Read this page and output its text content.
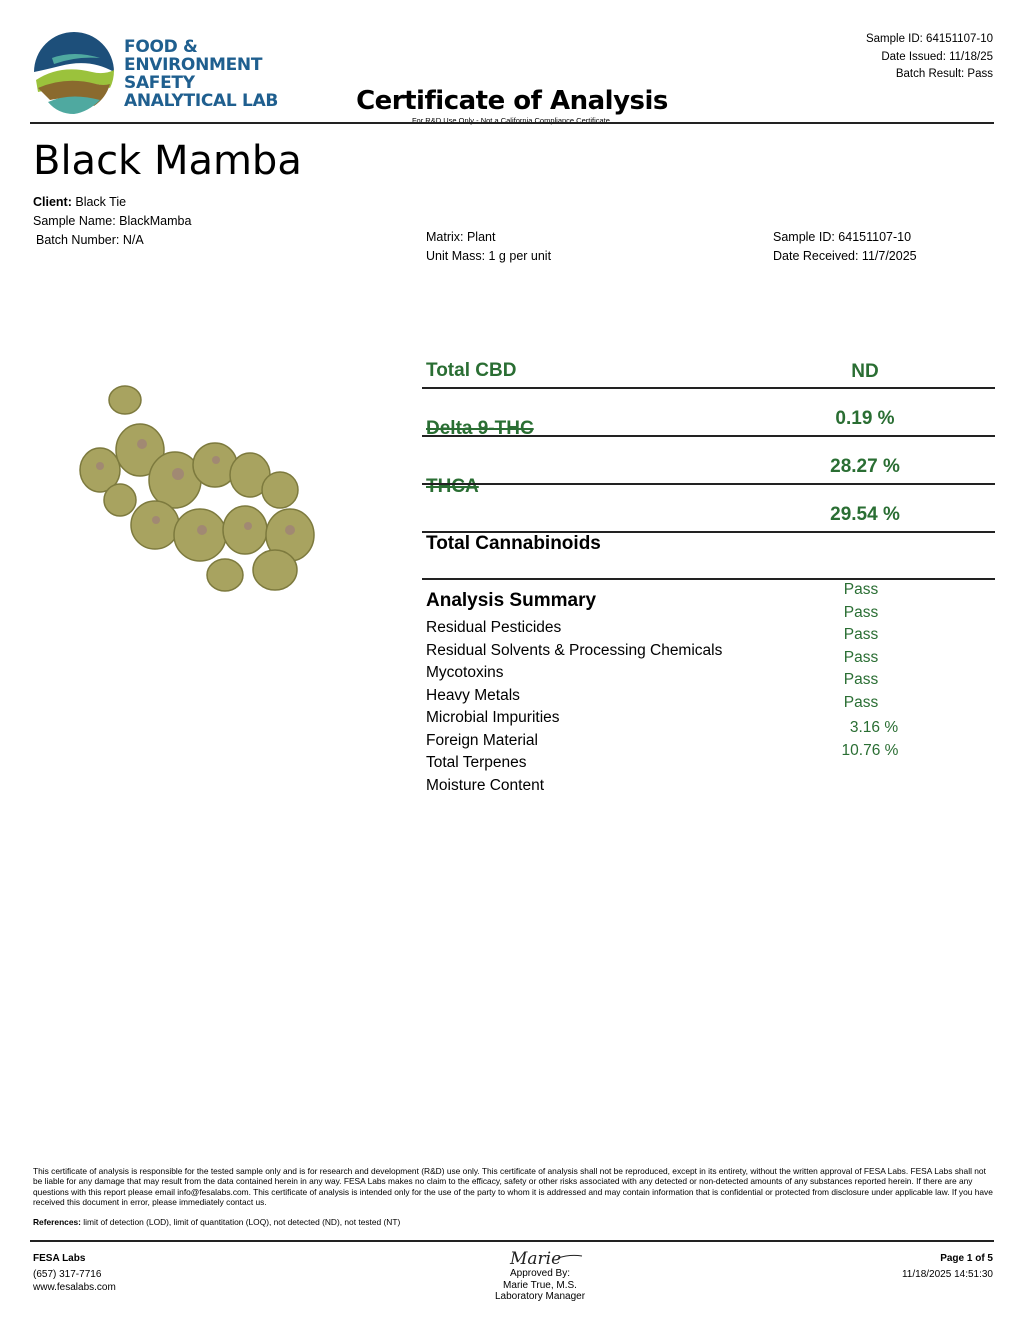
FOOD &
ENVIRONMENT
SAFETY
ANALYTICAL LAB
Sample ID: 64151107-10
Date Issued: 11/18/25
Batch Result: Pass
Certificate of Analysis
For R&D Use Only - Not a California Compliance Certificate.
Black Mamba
Client: Black Tie
Sample Name: BlackMamba
Batch Number: N/A	Matrix: Plant
Unit Mass: 1 g per unit
Sample ID: 64151107-10
Date Received: 11/7/2025
Total CBD	ND
0.19 %
Delta 9-THC
28.27 %
THCA
29.54 %
Total Cannabinoids
Analysis Summary
Residual Pesticides
Residual Solvents & Processing Chemicals
Mycotoxins
Heavy Metals
Microbial Impurities
Foreign Material
Total Terpenes
Moisture Content
Pass
Pass
Pass
Pass
Pass
Pass
3.16 %
10.76 %
This certificate of analysis is responsible for the tested sample only and is for research and development (R&D) use only. This certificate of analysis shall not be reproduced, except in its entirety, without the written approval of FESA Labs. FESA Labs shall not be liable for any damage that may result from the data contained herein in any way. FESA Labs makes no claim to the efficacy, safety or other risks associated with any detected or non-detected amounts of any substances reported herein. If there are any questions with this report please email info@fesalabs.com. This certificate of analysis is intended only for the use of the party to whom it is addressed and may contain information that is confidential or protected from disclosure under applicable law. If you have received this document in error, please immediately contact us.
References: limit of detection (LOD), limit of quantitation (LOQ), not detected (ND), not tested (NT)
FESA Labs
(657) 317-7716
www.fesalabs.com
Marie
Approved By:
Marie True, M.S.
Laboratory Manager
Page 1 of 5
11/18/2025 14:51:30
